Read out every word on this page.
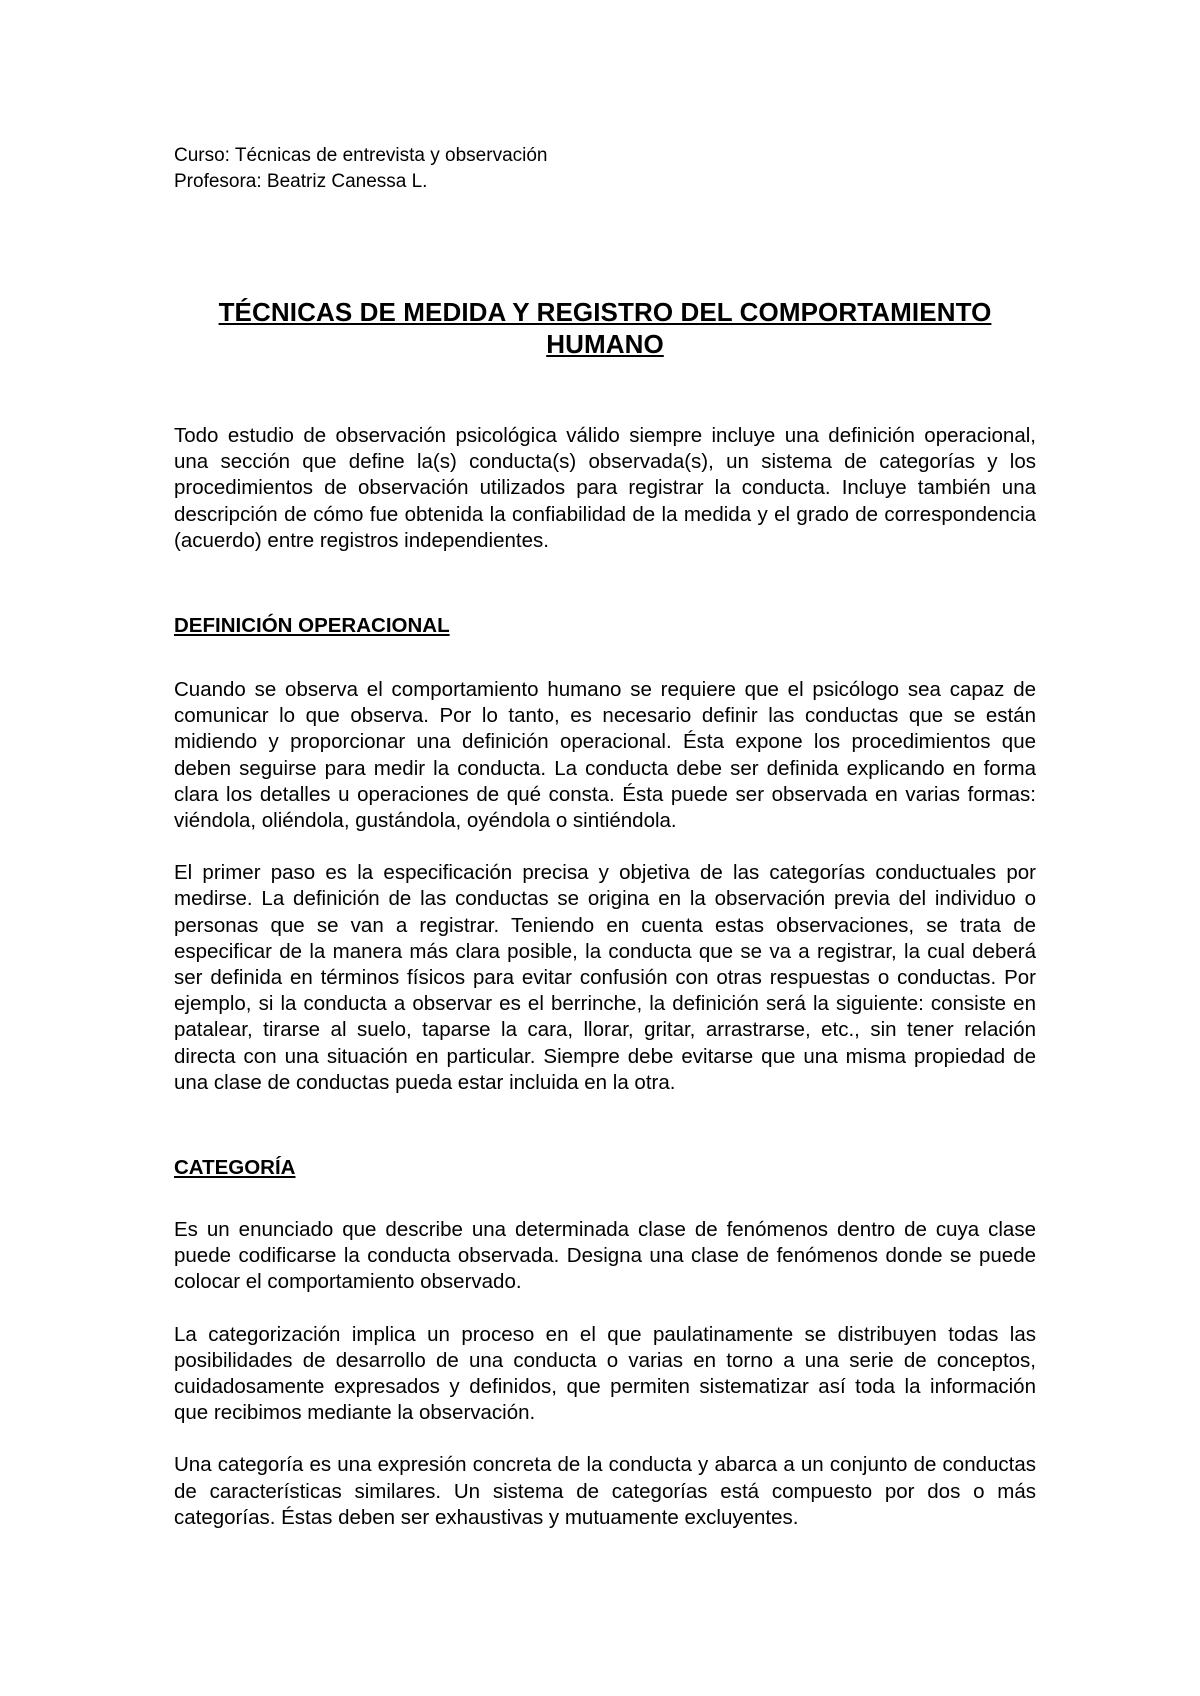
Curso: Técnicas de entrevista y observación

Profesora: Beatriz Canessa L.

TÉCNICAS DE MEDIDA Y REGISTRO DEL COMPORTAMIENTO
HUMANO

Todo estudio de observación psicológica válido siempre incluye una definición operacional, una sección que define la(s) conducta(s) observada(s), un sistema de categorías y los procedimientos de observación utilizados para registrar la conducta. Incluye también una descripción de cómo fue obtenida la confiabilidad de la medida y el grado de correspondencia (acuerdo) entre registros independientes.

DEFINICIÓN OPERACIONAL

Cuando se observa el comportamiento humano se requiere que el psicólogo sea capaz de comunicar lo que observa. Por lo tanto, es necesario definir las conductas que se están midiendo y proporcionar una definición operacional. Ésta expone los procedimientos que deben seguirse para medir la conducta. La conducta debe ser definida explicando en forma clara los detalles u operaciones de qué consta. Ésta puede ser observada en varias formas: viéndola, oliéndola, gustándola, oyéndola o sintiéndola.

El primer paso es la especificación precisa y objetiva de las categorías conductuales por medirse. La definición de las conductas se origina en la observación previa del individuo o personas que se van a registrar. Teniendo en cuenta estas observaciones, se trata de especificar de la manera más clara posible, la conducta que se va a registrar, la cual deberá ser definida en términos físicos para evitar confusión con otras respuestas o conductas. Por ejemplo, si la conducta a observar es el berrinche, la definición será la siguiente: consiste en patalear, tirarse al suelo, taparse la cara, llorar, gritar, arrastrarse, etc., sin tener relación directa con una situación en particular. Siempre debe evitarse que una misma propiedad de una clase de conductas pueda estar incluida en la otra.

CATEGORÍA

Es un enunciado que describe una determinada clase de fenómenos dentro de cuya clase puede codificarse la conducta observada. Designa una clase de fenómenos donde se puede colocar el comportamiento observado.

La categorización implica un proceso en el que paulatinamente se distribuyen todas las posibilidades de desarrollo de una conducta o varias en torno a una serie de conceptos, cuidadosamente expresados y definidos, que permiten sistematizar así toda la información que recibimos mediante la observación.

Una categoría es una expresión concreta de la conducta y abarca a un conjunto de conductas de características similares. Un sistema de categorías está compuesto por dos o más categorías. Éstas deben ser exhaustivas y mutuamente excluyentes.
